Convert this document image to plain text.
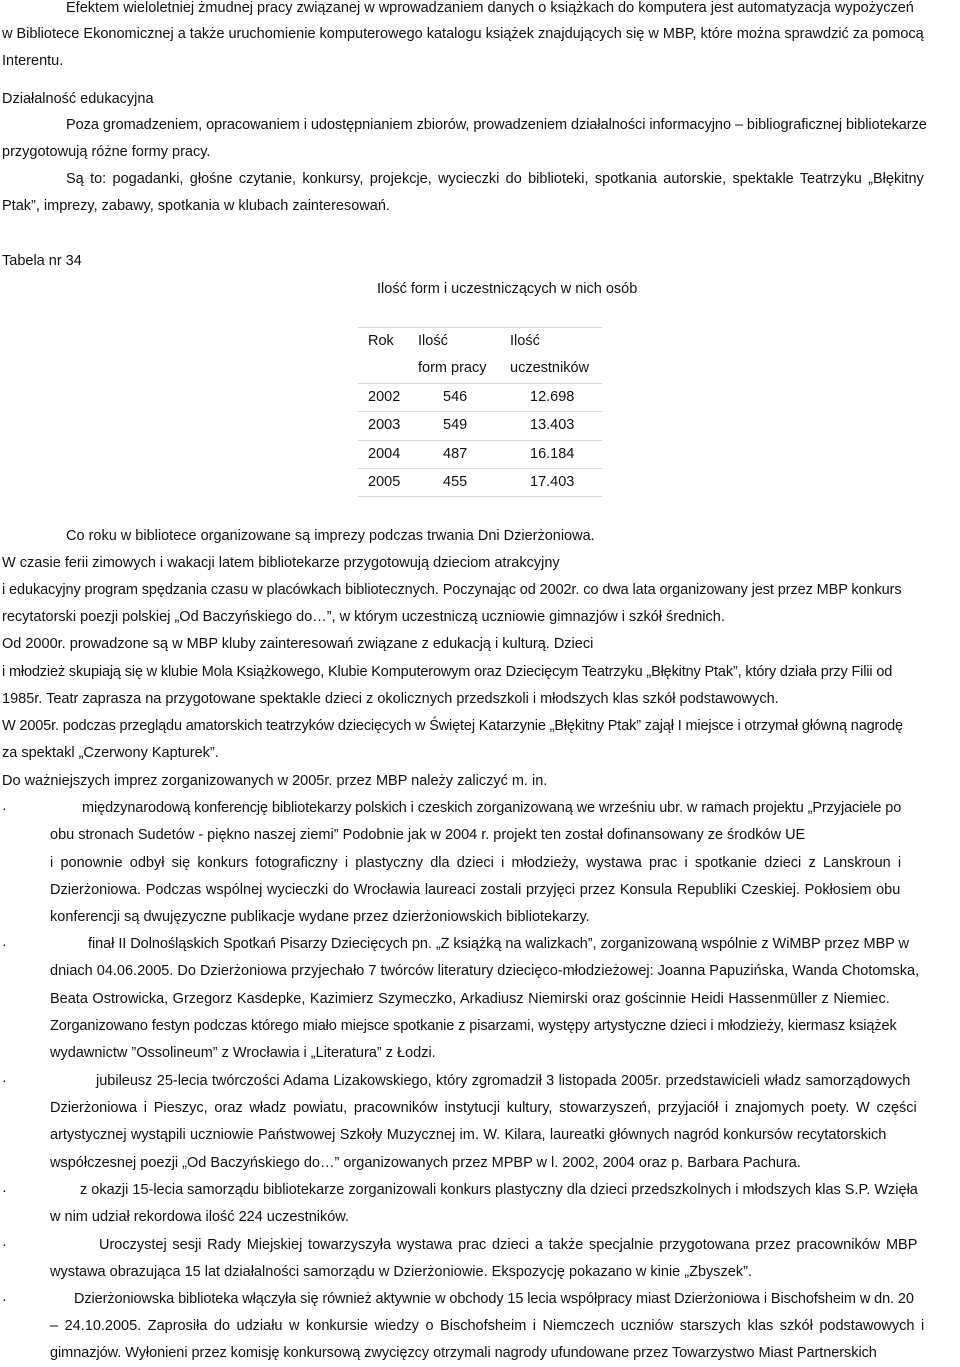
Efektem wieloletniej żmudnej pracy związanej w wprowadzaniem danych o książkach do komputera jest automatyzacja wypożyczeń
w Bibliotece Ekonomicznej a także uruchomienie komputerowego katalogu książek znajdujących się w MBP, które można sprawdzić za pomocą
Interentu.
Działalność edukacyjna
Poza gromadzeniem, opracowaniem i udostępnianiem zbiorów, prowadzeniem działalności informacyjno – bibliograficznej bibliotekarze
przygotowują różne formy pracy.
Są to: pogadanki, głośne czytanie, konkursy, projekcje, wycieczki do biblioteki, spotkania autorskie, spektakle Teatrzyku „Błękitny
Ptak”, imprezy, zabawy, spotkania w klubach zainteresowań.
Tabela nr 34
Ilość form i uczestniczących w nich osób
Rok	Ilość	Ilość
	form pracy	uczestników
2002	546	12.698
2003	549	13.403
2004	487	16.184
2005	455	17.403
Co roku w bibliotece organizowane są imprezy podczas trwania Dni Dzierżoniowa.
W czasie ferii zimowych i wakacji latem bibliotekarze przygotowują dzieciom atrakcyjny
i edukacyjny program spędzania czasu w placówkach bibliotecznych. Poczynając od 2002r. co dwa lata organizowany jest przez MBP konkurs
recytatorski poezji polskiej „Od Baczyńskiego do…”, w którym uczestniczą uczniowie gimnazjów i szkół średnich.
Od 2000r. prowadzone są w MBP kluby zainteresowań związane z edukacją i kulturą. Dzieci
i młodzież skupiają się w klubie Mola Książkowego, Klubie Komputerowym oraz Dziecięcym Teatrzyku „Błękitny Ptak”, który działa przy Filii od
1985r. Teatr zaprasza na przygotowane spektakle dzieci z okolicznych przedszkoli i młodszych klas szkół podstawowych.
W 2005r. podczas przeglądu amatorskich teatrzyków dziecięcych w Świętej Katarzynie „Błękitny Ptak” zajął I miejsce i otrzymał główną nagrodę
za spektakl „Czerwony Kapturek”.
Do ważniejszych imprez zorganizowanych w 2005r. przez MBP należy zaliczyć m. in.
·	międzynarodową konferencję bibliotekarzy polskich i czeskich zorganizowaną we wrześniu ubr. w ramach projektu „Przyjaciele po
obu stronach Sudetów - piękno naszej ziemi” Podobnie jak w 2004 r. projekt ten został dofinansowany ze środków UE
i ponownie odbył się konkurs fotograficzny i plastyczny dla dzieci i młodzieży, wystawa prac i spotkanie dzieci z Lanskroun i
Dzierżoniowa. Podczas wspólnej wycieczki do Wrocławia laureaci zostali przyjęci przez Konsula Republiki Czeskiej. Pokłosiem obu
konferencji są dwujęzyczne publikacje wydane przez dzierżoniowskich bibliotekarzy.
·	finał II Dolnośląskich Spotkań Pisarzy Dziecięcych pn. „Z książką na walizkach”, zorganizowaną wspólnie z WiMBP przez MBP w
dniach 04.06.2005. Do Dzierżoniowa przyjechało 7 twórców literatury dziecięco-młodzieżowej: Joanna Papuzińska, Wanda Chotomska,
Beata Ostrowicka, Grzegorz Kasdepke, Kazimierz Szymeczko, Arkadiusz Niemirski oraz gościnnie Heidi Hassenmüller z Niemiec.
Zorganizowano festyn podczas którego miało miejsce spotkanie z pisarzami, występy artystyczne dzieci i młodzieży, kiermasz książek
wydawnictw ”Ossolineum” z Wrocławia i „Literatura” z Łodzi.
·	jubileusz 25-lecia twórczości Adama Lizakowskiego, który zgromadził 3 listopada 2005r. przedstawicieli władz samorządowych
Dzierżoniowa i Pieszyc, oraz władz powiatu, pracowników instytucji kultury, stowarzyszeń, przyjaciół i znajomych poety. W części
artystycznej wystąpili uczniowie Państwowej Szkoły Muzycznej im. W. Kilara, laureatki głównych nagród konkursów recytatorskich
współczesnej poezji „Od Baczyńskiego do…” organizowanych przez MPBP w l. 2002, 2004 oraz p. Barbara Pachura.
·	z okazji 15-lecia samorządu bibliotekarze zorganizowali konkurs plastyczny dla dzieci przedszkolnych i młodszych klas S.P. Wzięła
w nim udział rekordowa ilość 224 uczestników.
·	Uroczystej sesji Rady Miejskiej towarzyszyła wystawa prac dzieci a także specjalnie przygotowana przez pracowników MBP
wystawa obrazująca 15 lat działalności samorządu w Dzierżoniowie. Ekspozycję pokazano w kinie „Zbyszek”.
·	Dzierżoniowska biblioteka włączyła się również aktywnie w obchody 15 lecia współpracy miast Dzierżoniowa i Bischofsheim w dn. 20
– 24.10.2005. Zaprosiła do udziału w konkursie wiedzy o Bischofsheim i Niemczech uczniów starszych klas szkół podstawowych i
gimnazjów. Wyłonieni przez komisję konkursową zwycięzcy otrzymali nagrody ufundowane przez Towarzystwo Miast Partnerskich
